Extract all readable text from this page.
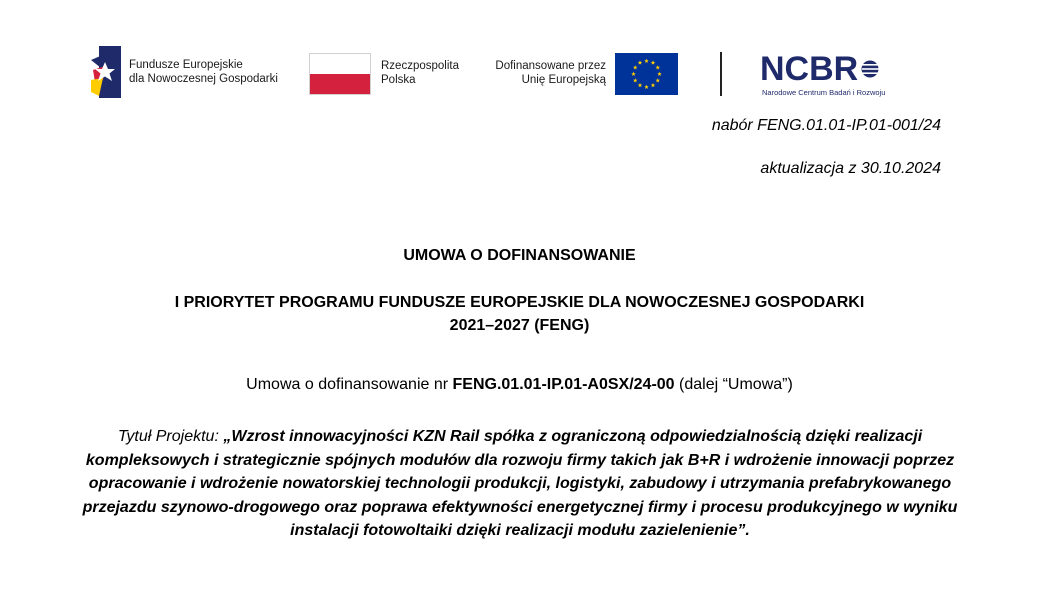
Fundusze Europejskie
dla Nowoczesnej Gospodarki
Rzeczpospolita
Polska
Dofinansowane przez
Unię Europejską	NCBR
Narodowe Centrum Badań i Rozwoju
nabór FENG.01.01-IP.01-001/24
aktualizacja z 30.10.2024
UMOWA O DOFINANSOWANIE
I PRIORYTET PROGRAMU FUNDUSZE EUROPEJSKIE DLA NOWOCZESNEJ GOSPODARKI
2021–2027 (FENG)
Umowa o dofinansowanie nr FENG.01.01-IP.01-A0SX/24-00 (dalej “Umowa”)
Tytuł Projektu: „Wzrost innowacyjności KZN Rail spółka z ograniczoną odpowiedzialnością dzięki realizacji kompleksowych i strategicznie spójnych modułów dla rozwoju firmy takich jak B+R i wdrożenie innowacji poprzez opracowanie i wdrożenie nowatorskiej technologii produkcji, logistyki, zabudowy i utrzymania prefabrykowanego przejazdu szynowo-drogowego oraz poprawa efektywności energetycznej firmy i procesu produkcyjnego w wyniku instalacji fotowoltaiki dzięki realizacji modułu zazielenienie”.
